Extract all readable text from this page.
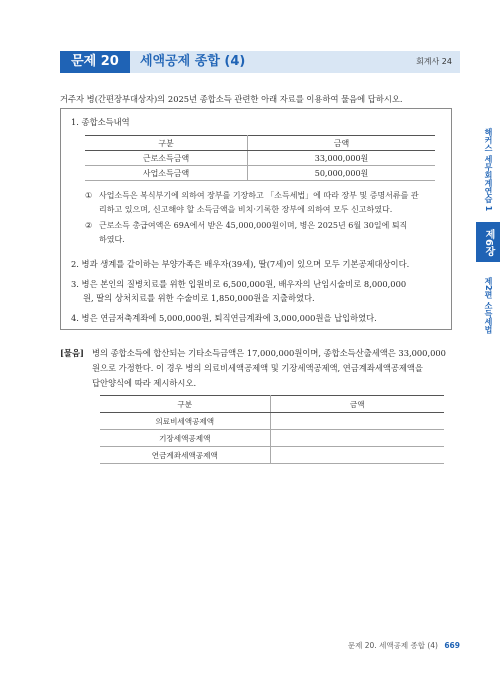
문제 20	세액공제 종합 (4)	회계사 24
해커스 세무회계연습 1
제6장
제2편 소득세법
거주자 병(간편장부대상자)의 2025년 종합소득 관련한 아래 자료를 이용하여 물음에 답하시오.
1. 종합소득내역
구분	금액
근로소득금액	33,000,000원
사업소득금액	50,000,000원
① 사업소득은 복식부기에 의하여 장부를 기장하고 「소득세법」에 따라 장부 및 증명서류를 관
리하고 있으며, 신고해야 할 소득금액을 비치·기록한 장부에 의하여 모두 신고하였다.
② 근로소득 총급여액은 69A에서 받은 45,000,000원이며, 병은 2025년 6월 30일에 퇴직
하였다.
2. 병과 생계를 같이하는 부양가족은 배우자(39세), 딸(7세)이 있으며 모두 기본공제대상이다.
3. 병은 본인의 질병치료를 위한 입원비로 6,500,000원, 배우자의 난임시술비로 8,000,000
원, 딸의 상처치료를 위한 수술비로 1,850,000원을 지출하였다.
4. 병은 연금저축계좌에 5,000,000원, 퇴직연금계좌에 3,000,000원을 납입하였다.
[물음] 병의 종합소득에 합산되는 기타소득금액은 17,000,000원이며, 종합소득산출세액은 33,000,000
원으로 가정한다. 이 경우 병의 의료비세액공제액 및 기장세액공제액, 연금계좌세액공제액을
답안양식에 따라 제시하시오.
구분	금액
의료비세액공제액	
기장세액공제액	
연금계좌세액공제액	
문제 20. 세액공제 종합 (4) 669
